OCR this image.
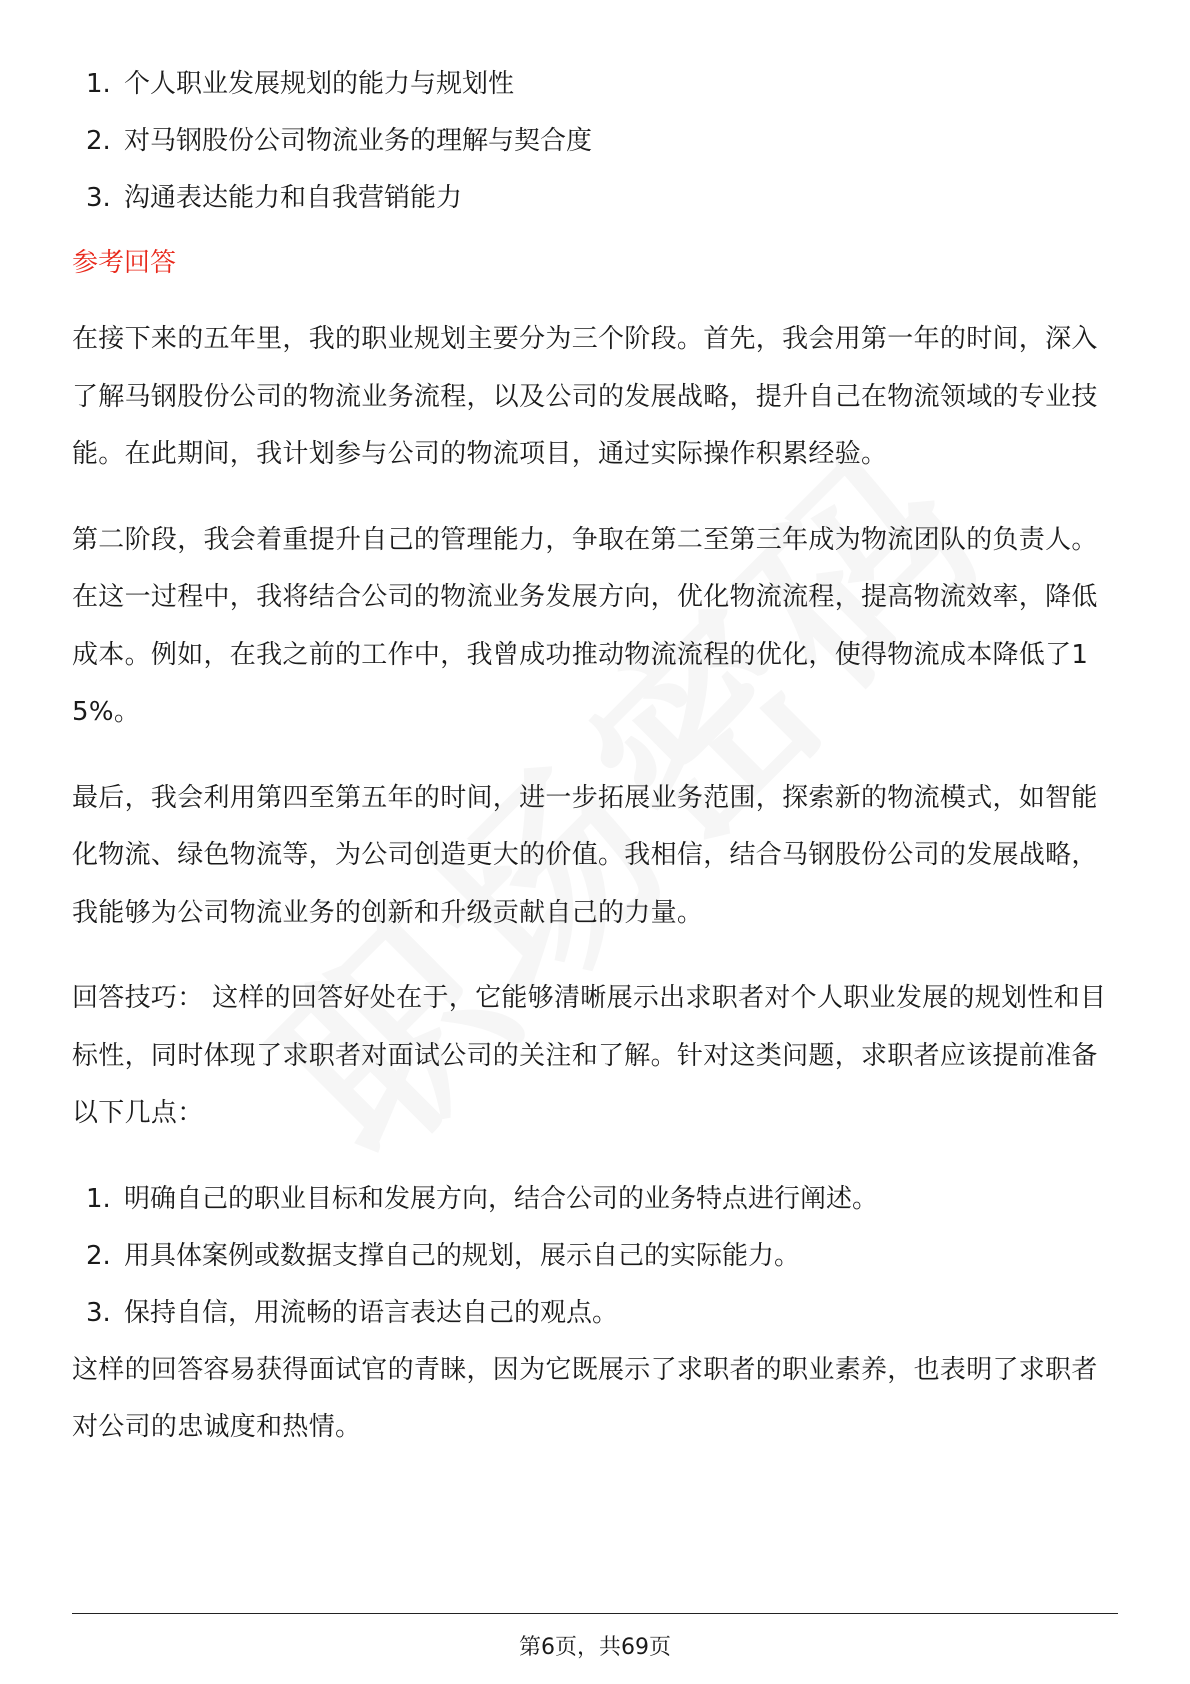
1. 个人职业发展规划的能力与规划性
2. 对马钢股份公司物流业务的理解与契合度
3. 沟通表达能力和自我营销能力
参考回答

在接下来的五年里，我的职业规划主要分为三个阶段。首先，我会用第一年的时间，深入了解马钢股份公司的物流业务流程，以及公司的发展战略，提升自己在物流领域的专业技能。在此期间，我计划参与公司的物流项目，通过实际操作积累经验。

第二阶段，我会着重提升自己的管理能力，争取在第二至第三年成为物流团队的负责人。在这一过程中，我将结合公司的物流业务发展方向，优化物流流程，提高物流效率，降低成本。例如，在我之前的工作中，我曾成功推动物流流程的优化，使得物流成本降低了15%。

最后，我会利用第四至第五年的时间，进一步拓展业务范围，探索新的物流模式，如智能化物流、绿色物流等，为公司创造更大的价值。我相信，结合马钢股份公司的发展战略，我能够为公司物流业务的创新和升级贡献自己的力量。

回答技巧： 这样的回答好处在于，它能够清晰展示出求职者对个人职业发展的规划性和目标性，同时体现了求职者对面试公司的关注和了解。针对这类问题，求职者应该提前准备以下几点：

1. 明确自己的职业目标和发展方向，结合公司的业务特点进行阐述。
2. 用具体案例或数据支撑自己的规划，展示自己的实际能力。
3. 保持自信，用流畅的语言表达自己的观点。

这样的回答容易获得面试官的青睐，因为它既展示了求职者的职业素养，也表明了求职者对公司的忠诚度和热情。

第6页，共69页
